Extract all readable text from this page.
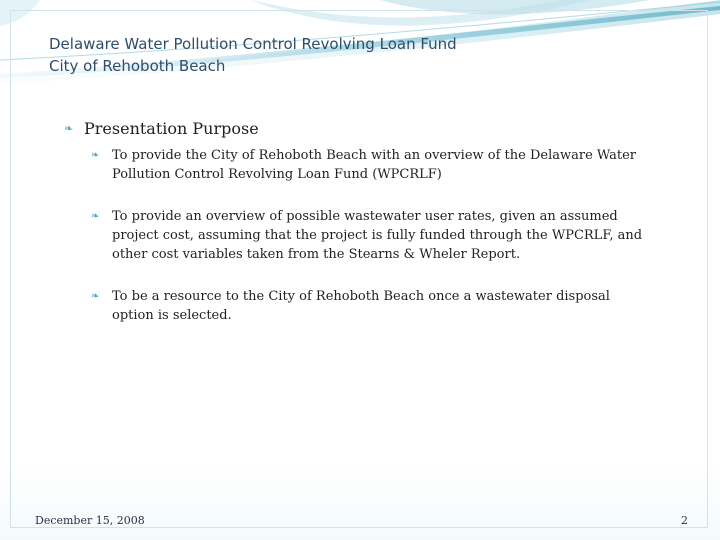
Delaware Water Pollution Control Revolving Loan Fund
City of Rehoboth Beach
❧ Presentation Purpose
❧ To provide the City of Rehoboth Beach with an overview of the Delaware Water Pollution Control Revolving Loan Fund (WPCRLF)
❧ To provide an overview of possible wastewater user rates, given an assumed project cost, assuming that the project is fully funded through the WPCRLF, and other cost variables taken from the Stearns & Wheler Report.
❧ To be a resource to the City of Rehoboth Beach once a wastewater disposal option is selected.
December 15, 2008	2
